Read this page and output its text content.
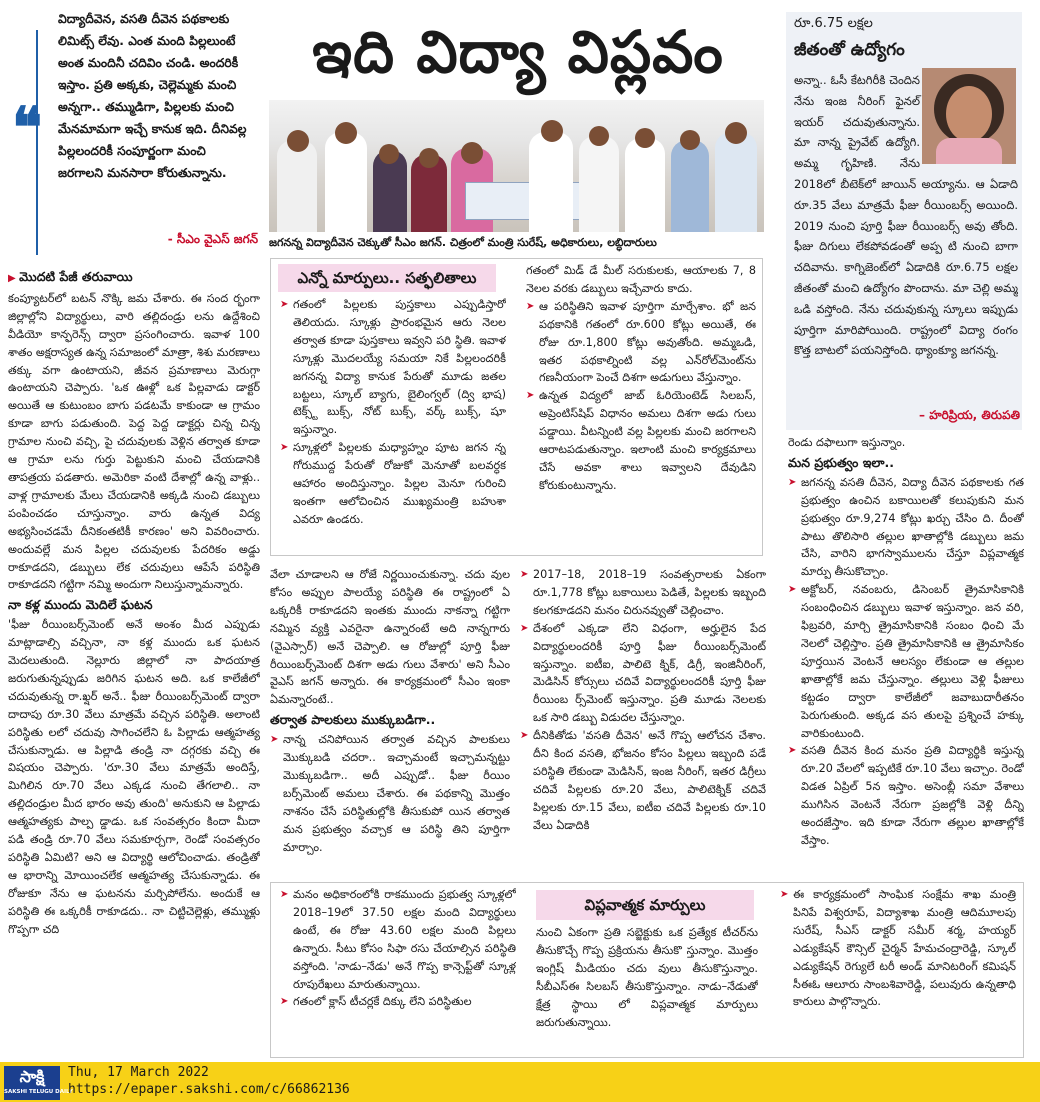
❝
విద్యాదీవెన, వసతి దీవెన పథకాలకు లిమిట్స్ లేవు. ఎంత మంది పిల్లలుంటే అంత మందినీ చదివిం చండి. అందరికీ ఇస్తాం. ప్రతి అక్కకు, చెల్లెమ్మకు మంచి అన్నగా.. తమ్ముడిగా, పిల్లలకు మంచి మేనమామగా ఇచ్చే కానుక ఇది. దీనివల్ల పిల్లలందరికీ సంపూర్ణంగా మంచి జరగాలని మనసారా కోరుతున్నాను.
- సీఎం వైఎస్ జగన్
ఇది విద్యా విప్లవం
జగనన్న విద్యాదీవెన చెక్కుతో సీఎం జగన్. చిత్రంలో మంత్రి సురేష్, అధికారులు, లబ్ధిదారులు
▶ మొదటి పేజీ తరువాయి

కంప్యూటర్‌లో బటన్ నొక్కి జమ చేశారు. ఈ సంద ర్భంగా జిల్లాల్లోని విద్యార్థులు, వారి తల్లిదండ్రు లను ఉద్దేశించి వీడియో కాన్ఫరెన్స్ ద్వారా ప్రసంగించారు. ఇవాళ 100 శాతం అక్షరాస్యత ఉన్న సమాజంలో మాత్రా, శిశు మరణాలు తక్కు వగా ఉంటాయని, జీవన ప్రమాణాలు మెరుగ్గా ఉంటాయని చెప్పారు. 'ఒక ఊళ్లో ఒక పిల్లవాడు డాక్టర్ అయితే ఆ కుటుంబం బాగు పడటమే కాకుండా ఆ గ్రామం కూడా బాగు పడుతుంది. పెద్ద పెద్ద డాక్టర్లు చిన్న చిన్న గ్రామాల నుంచి వచ్చి, పై చదువులకు వెళ్లిన తర్వాత కూడా ఆ గ్రామా లను గుర్తు పెట్టుకుని మంచి చేయడానికి తాపత్రయ పడతారు. అమెరికా వంటి దేశాల్లో ఉన్న వాళ్లు.. వాళ్ల గ్రామాలకు మేలు చేయడానికి అక్కడి నుంచి డబ్బులు పంపించడం చూస్తున్నాం. వారు ఉన్నత విద్య అభ్యసించడమే దీనికంతటికీ కారణం' అని వివరించారు. అందువల్లే మన పిల్లల చదువులకు పేదరికం అడ్డు రాకూడదని, డబ్బులు లేక చదువులు ఆపేసే పరిస్థితి రాకూడదని గట్టిగా నమ్మి అందుగా నిలుస్తున్నామన్నారు.

నా కళ్ల ముందు మెదిలే ఘటన

'ఫీజు రీయింబర్స్‌మెంట్ అనే అంశం మీద ఎప్పుడు మాట్లాడాల్సి వచ్చినా, నా కళ్ల ముందు ఒక ఘటన మెదలుతుంది. నెల్లూరు జిల్లాలో నా పాదయాత్ర జరుగుతున్నప్పుడు జరిగిన ఘటన అది. ఒక కాలేజీలో చదువుతున్న రా.ఖ్షర్ అనే.. ఫీజు రీయింబర్స్‌మెంట్ ద్వారా దాదాపు రూ.30 వేలు మాత్రమే వచ్చిన పరిస్థితి. అలాంటి పరిస్థితు లలో చదువు సాగించలేని ఓ పిల్లాడు ఆత్మహత్య చేసుకున్నాడు. ఆ పిల్లాడి తండ్రి నా దగ్గరకు వచ్చి ఈ విషయం చెప్పారు. 'రూ.30 వేలు మాత్రమే అందిస్తే, మిగిలిన రూ.70 వేలు ఎక్కడ నుంచి తేగలాలి.. నా తల్లిదండ్రుల మీద భారం అవు తుంది' అనుకుని ఆ పిల్లాడు ఆత్మహత్యకు పాల్ప డ్డాడు. ఒక సంవత్సరం కిందా మీదా పడి తండ్రి రూ.70 వేలు సమకూర్చగా, రెండో సంవత్సరం పరిస్థితి ఏమిటి? అని ఆ విద్యార్థి ఆలోచించాడు. తండ్రితో ఆ భారాన్ని మోయించలేక ఆత్మహత్య చేసుకున్నాడు. ఈ రోజుకూ నేను ఆ ఘటనను మర్చిపోలేను. అందుకే ఆ పరిస్థితి ఈ ఒక్కరికీ రాకూడదు.. నా చిట్టిచెల్లెళ్లు, తమ్ముళ్లు గొప్పగా చది

ఎన్నో మార్పులు.. సత్ఫలితాలు

➤ గతంలో పిల్లలకు పుస్తకాలు ఎప్పుడిస్తారో తెలియదు. స్కూళ్లు ప్రారంభమైన ఆరు నెలల తర్వాత కూడా పుస్తకాలు ఇవ్వని పరి స్థితి. ఇవాళ స్కూళ్లు మొదలయ్యే సమయా నికే పిల్లలందరికీ జగనన్న విద్యా కానుక పేరుతో మూడు జతల బట్టలు, స్కూల్ బ్యాగు, బైలింగ్వల్ (ద్వి భాష) టెక్స్ట్ బుక్స్, నోట్ బుక్స్, వర్క్ బుక్స్, షూ ఇస్తున్నాం.

➤ స్కూళ్లలో పిల్లలకు మధ్యాహ్నం పూట జగన న్న గోరుముద్ద పేరుతో రోజుకో మెనూతో బలవర్ధక ఆహారం అందిస్తున్నాం. పిల్లల మెనూ గురించి ఇంతగా ఆలోచించిన ముఖ్యమంత్రి బహుశా ఎవరూ ఉండరు.

గతంలో మిడ్ డే మీల్ సరుకులకు, ఆయాలకు 7, 8 నెలల వరకు డబ్బులు ఇచ్చేవారు కాదు.

➤ ఆ పరిస్థితిని ఇవాళ పూర్తిగా మార్చేశాం. భో జన పథకానికి గతంలో రూ.600 కోట్లు అయితే, ఈ రోజు రూ.1,800 కోట్లు అవుతోంది. అమ్మఒడి, ఇతర పథకాల్నింటి వల్ల ఎన్‌రోల్‌మెంట్‌ను గణనీయంగా పెంచే దిశగా అడుగులు వేస్తున్నాం.

➤ ఉన్నత విద్యలో జాబ్ ఓరియెంటెడ్ సిలబస్, అప్రెంటిస్‌షిప్ విధానం అమలు దిశగా అడు గులు పడ్డాయి. వీటన్నింటి వల్ల పిల్లలకు మంచి జరగాలని ఆరాటపడుతున్నాం. ఇలాంటి మంచి కార్యక్రమాలు చేసే అవకా శాలు ఇవ్వాలని దేవుడిని కోరుకుంటున్నాను.

వేలా చూడాలని ఆ రోజే నిర్ణయించుకున్నా. చదు వుల కోసం అప్పుల పాలయ్యే పరిస్థితి ఈ రాష్ట్రంలో ఏ ఒక్కరికీ రాకూడదని ఇంతకు ముందు నాకన్నా గట్టిగా నమ్మిన వ్యక్తి ఎవరైనా ఉన్నారంటే అది నాన్నగారు (వైఎస్సార్) అనే చెప్పాలి. ఆ రోజుల్లో పూర్తి ఫీజు రీయింబర్స్‌మెంట్ దిశగా అడు గులు వేశారు' అని సీఎం వైఎస్ జగన్ అన్నారు. ఈ కార్యక్రమంలో సీఎం ఇంకా ఏమన్నారంటే..

తర్వాత పాలకులు ముక్కుబడిగా..

➤ నాన్న చనిపోయిన తర్వాత వచ్చిన పాలకులు మొక్కుబడి చదరా.. ఇచ్చామంటే ఇచ్చామన్నట్టు మొక్కుబడిగా.. అదీ ఎప్పుడో.. ఫీజు రీయిం బర్స్‌మెంట్ అమలు చేశారు. ఈ పథకాన్ని మొత్తం నాశనం చేసే పరిస్థితుల్లోకి తీసుకుపో యిన తర్వాత మన ప్రభుత్వం వచ్చాక ఆ పరిస్థి తిని పూర్తిగా మార్చాం.

➤ 2017–18, 2018–19 సంవత్సరాలకు ఏకంగా రూ.1,778 కోట్లు బకాయిలు పెడితే, పిల్లలకు ఇబ్బంది కలగకూడదని మనం చిరునవ్వుతో చెల్లించాం.

➤ దేశంలో ఎక్కడా లేని విధంగా, అర్హులైన పేద విద్యార్థులందరికీ పూర్తి ఫీజు రీయింబర్స్‌మెంట్ ఇస్తున్నాం. ఐటీఐ, పాలిటె క్నిక్, డిగ్రీ, ఇంజినీరింగ్, మెడిసిన్ కోర్సులు చదివే విద్యార్థులందరికీ పూర్తి ఫీజు రీయింబ ర్స్‌మెంట్ ఇస్తున్నాం. ప్రతి మూడు నెలలకు ఒక సారి డబ్బు విడుదల చేస్తున్నాం.

➤ దీనికితోడు 'వసతి దీవెన' అనే గొప్ప ఆలోచన చేశాం. దీని కింద వసతి, భోజనం కోసం పిల్లలు ఇబ్బంది పడే పరిస్థితి లేకుండా మెడిసిన్, ఇంజ నీరింగ్, ఇతర డిగ్రీలు చదివే పిల్లలకు రూ.20 వేలు, పాలిటెక్నిక్ చదివే పిల్లలకు రూ.15 వేలు, ఐటీఐ చదివే పిల్లలకు రూ.10 వేలు ఏడాదికి

రూ.6.75 లక్షల
జీతంతో ఉద్యోగం
అన్నా.. ఓసీ కేటగిరీకి చెందిన నేను ఇంజ నీరింగ్ ఫైనల్ ఇయర్ చదువుతున్నాను. మా నాన్న ప్రైవేట్ ఉద్యోగి. అమ్మ గృహిణి. నేను 2018లో బీటెక్‌లో జాయిన్ అయ్యాను. ఆ ఏడాది రూ.35 వేలు మాత్రమే ఫీజు రీయింబర్స్ అయింది. 2019 నుంచి పూర్తి ఫీజు రీయింబర్స్ అవు తోంది. ఫీజు దిగులు లేకపోవడంతో అప్ప టి నుంచి బాగా చదివాను. కాగ్నిజెంట్‌లో ఏడాదికి రూ.6.75 లక్షల జీతంతో మంచి ఉద్యోగం పొందాను. మా చెల్లి అమ్మ ఒడి వస్తోంది. నేను చదువుకున్న స్కూలు ఇప్పుడు పూర్తిగా మారిపోయింది. రాష్ట్రంలో విద్యా రంగం కొత్త బాటలో పయనిస్తోంది. థ్యాంక్యూ జగనన్న.
– హరిప్రియ, తిరుపతి

రెండు దఫాలుగా ఇస్తున్నాం.

మన ప్రభుత్వం ఇలా..

➤ జగనన్న వసతి దీవెన, విద్యా దీవెన పథకాలకు గత ప్రభుత్వం ఉంచిన బకాయిలతో కలుపుకుని మన ప్రభుత్వం రూ.9,274 కోట్లు ఖర్చు చేసిం ది. దీంతో పాటు తొలిసారి తల్లుల ఖాతాల్లోకి డబ్బులు జమ చేసి, వారిని భాగస్వాములను చేస్తూ విప్లవాత్మక మార్పు తీసుకొచ్చాం.

➤ అక్టోబర్, నవంబరు, డిసెంబర్ త్రైమాసికానికి సంబంధించిన డబ్బులు ఇవాళ ఇస్తున్నాం. జన వరి, ఫిబ్రవరి, మార్చి త్రైమాసికానికి సంబం ధించి మే నెలలో చెల్లిస్తాం. ప్రతి త్రైమాసికానికి ఆ త్రైమాసికం పూర్తయిన వెంటనే ఆలస్యం లేకుండా ఆ తల్లుల ఖాతాల్లోకే జమ చేస్తున్నాం. తల్లులు వెళ్లి ఫీజులు కట్టడం ద్వారా కాలేజీలో జవాబుదారీతనం పెరుగుతుంది. అక్కడ వస తులపై ప్రశ్నించే హక్కు వారికుంటుంది.

➤ వసతి దీవెన కింద మనం ప్రతి విద్యార్థికి ఇస్తున్న రూ.20 వేలలో ఇప్పటికే రూ.10 వేలు ఇచ్చాం. రెండో విడత ఏప్రిల్ 5న ఇస్తాం. అసెంబ్లీ సమా వేశాలు ముగిసిన వెంటనే నేరుగా ప్రజల్లోకి వెళ్లి దీన్ని అందజేస్తాం. ఇది కూడా నేరుగా తల్లుల ఖాతాల్లోకే వేస్తాం.

➤ మనం అధికారంలోకి రాకముందు ప్రభుత్వ స్కూళ్లలో 2018–19లో 37.50 లక్షల మంది విద్యార్థులు ఉంటే, ఈ రోజు 43.60 లక్షల మంది పిల్లలు ఉన్నారు. సీటు కోసం సిఫా రసు చేయాల్సిన పరిస్థితి వస్తోంది. 'నాడు–నేడు' అనే గొప్ప కాన్సెప్ట్‌తో స్కూళ్ల రూపురేఖలు మారుతున్నాయి.

➤ గతంలో క్లాస్ టీచర్లకే దిక్కు లేని పరిస్థితుల

విప్లవాత్మక మార్పులు

నుంచి ఏకంగా ప్రతి సబ్జెక్టుకు ఒక ప్రత్యేక టీచర్‌ను తీసుకొచ్చే గొప్ప ప్రక్రియను తీసుకొ స్తున్నాం. మొత్తం ఇంగ్లిష్ మీడియం చదు వులు తీసుకొస్తున్నాం. సీబీఎస్ఈ సిలబస్ తీసుకొస్తున్నాం. నాడు–నేడుతో క్షేత్ర స్థాయి లో విప్లవాత్మక మార్పులు జరుగుతున్నాయి.

➤ ఈ కార్యక్రమంలో సాంఘిక సంక్షేమ శాఖ మంత్రి పినిపే విశ్వరూప్, విద్యాశాఖ మంత్రి ఆదిమూలపు సురేష్, సీఎస్ డాక్టర్ సమీర్ శర్మ, హయ్యర్ ఎడ్యుకేషన్ కౌన్సిల్ చైర్మన్ హేమచంద్రారెడ్డి, స్కూల్ ఎడ్యుకేషన్ రెగ్యులే టరీ అండ్ మానిటరింగ్ కమిషన్ సీఈఓ ఆలూరు సాంబశివారెడ్డి, పలువురు ఉన్నతాధి కారులు పాల్గొన్నారు.

సాక్షి
SAKSHI TELUGU DAILY
Thu, 17 March 2022
https://epaper.sakshi.com/c/66862136
